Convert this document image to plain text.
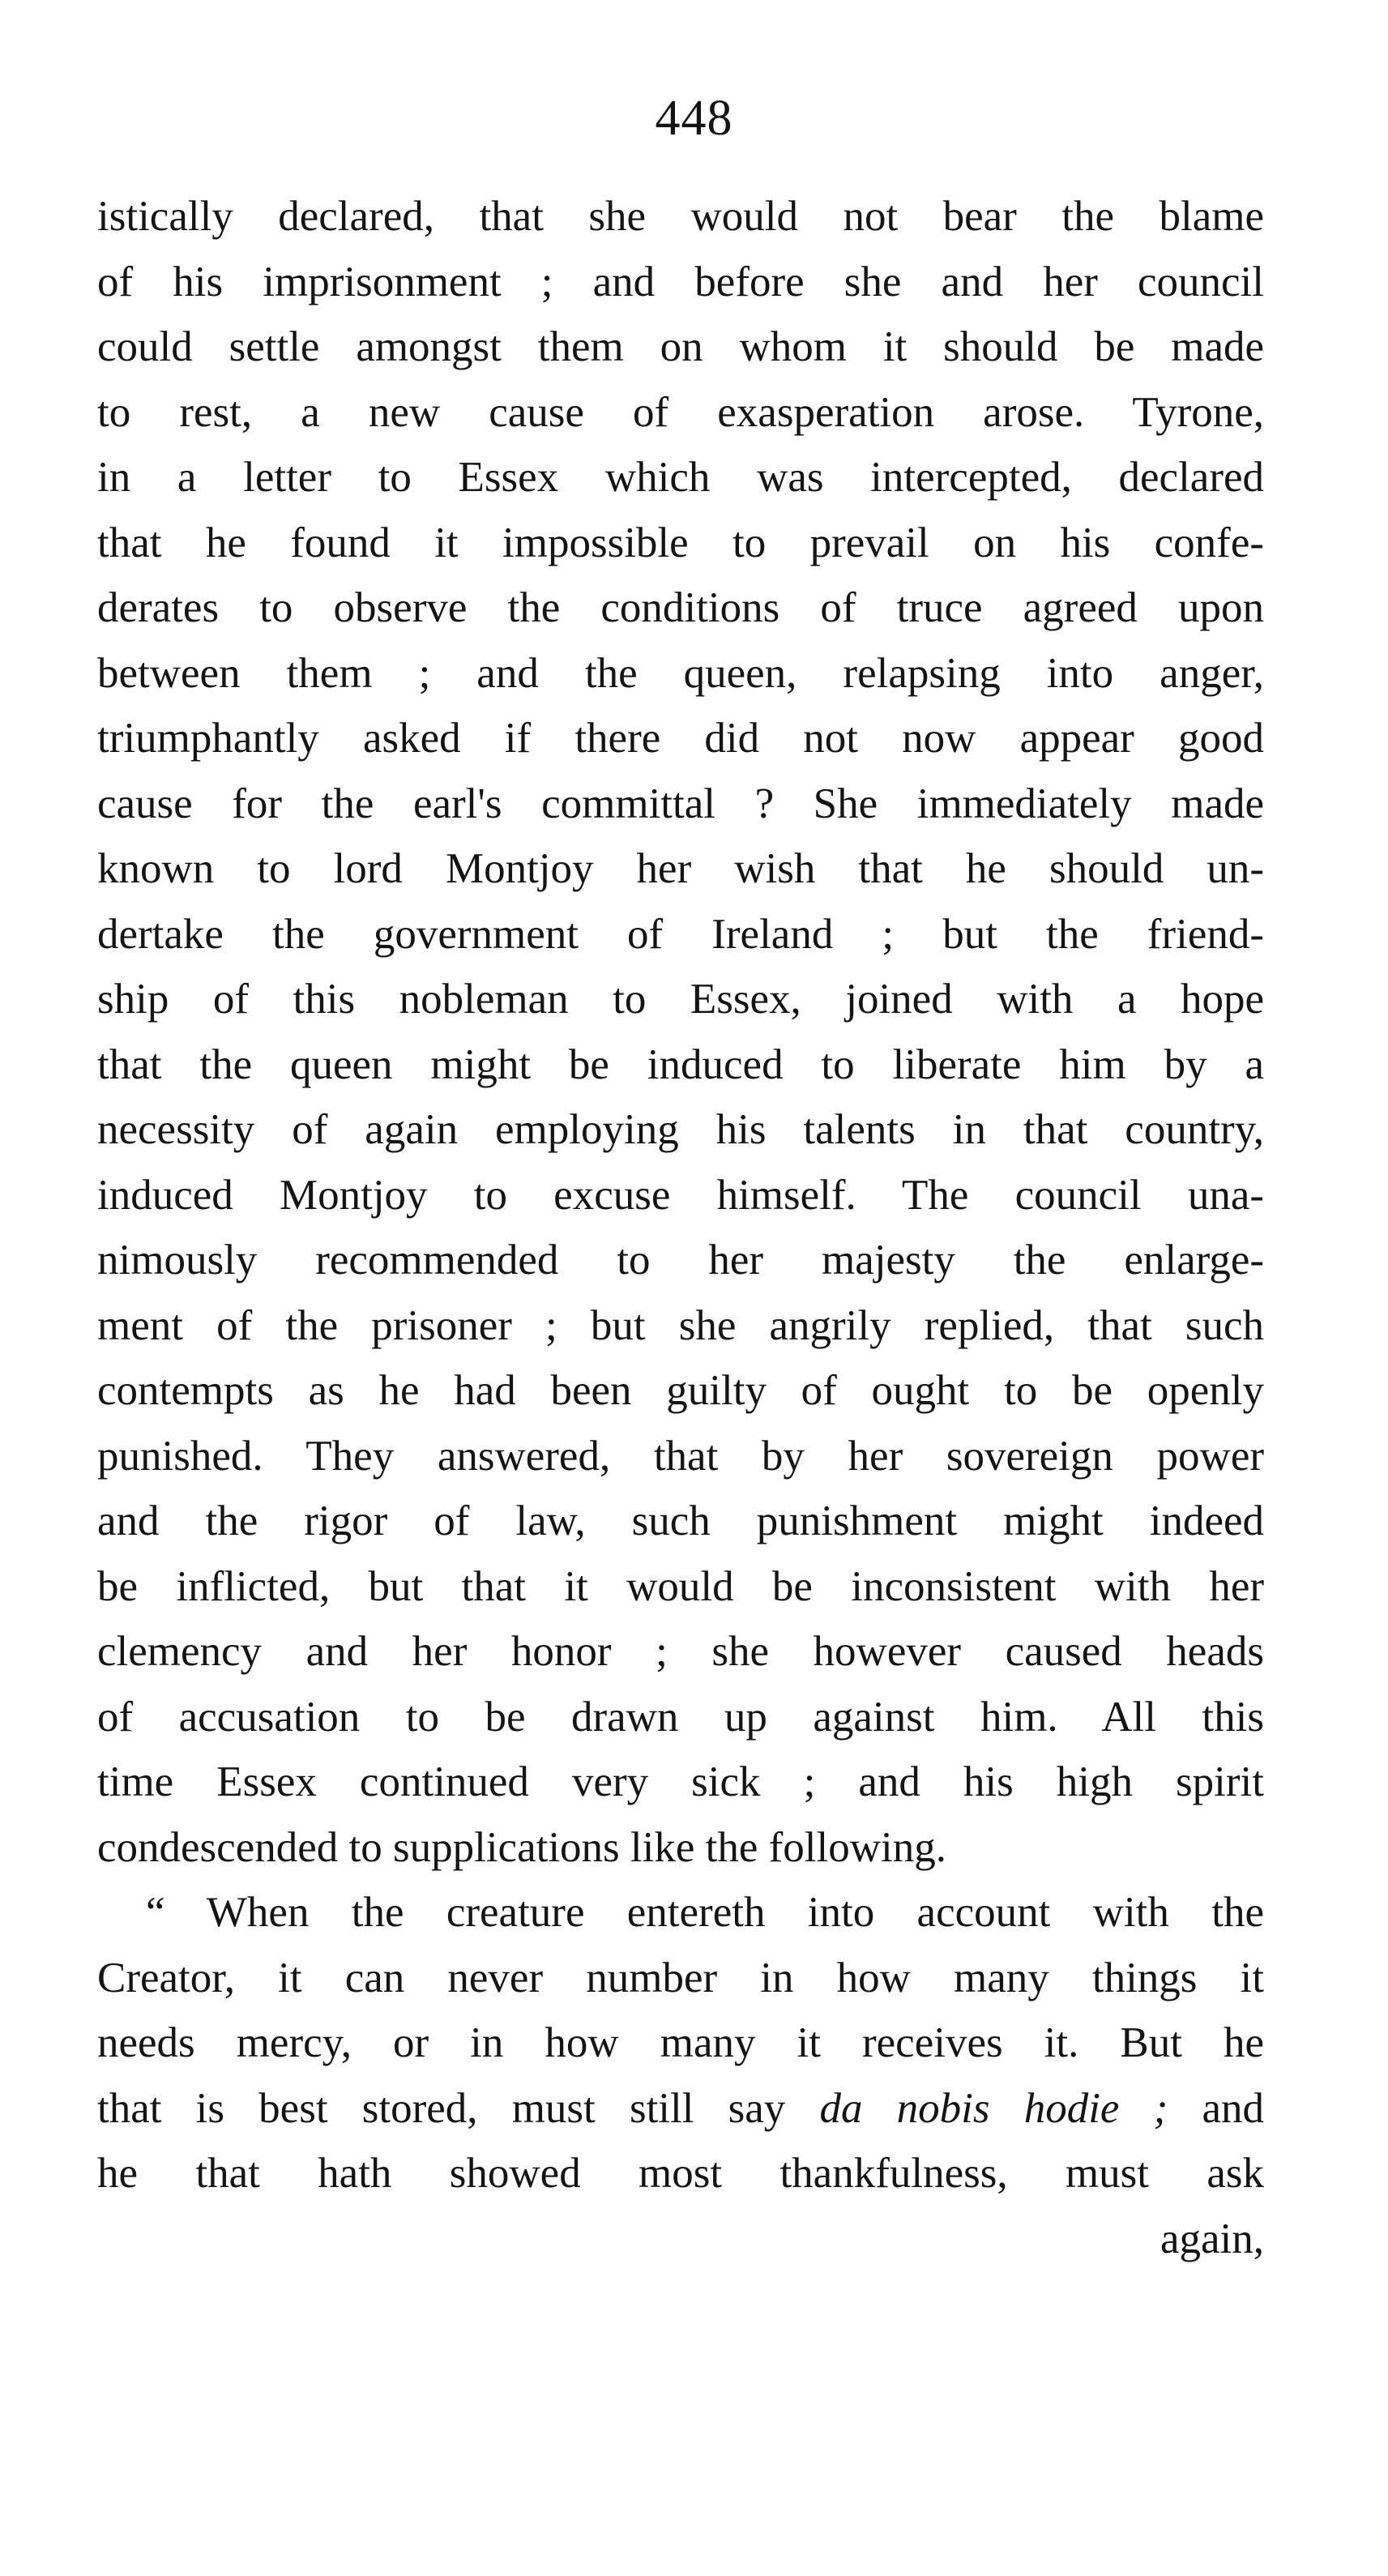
448
istically declared, that she would not bear the blame
of his imprisonment ; and before she and her council
could settle amongst them on whom it should be made
to rest, a new cause of exasperation arose. Tyrone,
in a letter to Essex which was intercepted, declared
that he found it impossible to prevail on his confe-
derates to observe the conditions of truce agreed upon
between them ; and the queen, relapsing into anger,
triumphantly asked if there did not now appear good
cause for the earl's committal ? She immediately made
known to lord Montjoy her wish that he should un-
dertake the government of Ireland ; but the friend-
ship of this nobleman to Essex, joined with a hope
that the queen might be induced to liberate him by a
necessity of again employing his talents in that country,
induced Montjoy to excuse himself. The council una-
nimously recommended to her majesty the enlarge-
ment of the prisoner ; but she angrily replied, that such
contempts as he had been guilty of ought to be openly
punished. They answered, that by her sovereign power
and the rigor of law, such punishment might indeed
be inflicted, but that it would be inconsistent with her
clemency and her honor ; she however caused heads
of accusation to be drawn up against him. All this
time Essex continued very sick ; and his high spirit
condescended to supplications like the following.
“ When the creature entereth into account with the
Creator, it can never number in how many things it
needs mercy, or in how many it receives it. But he
that is best stored, must still say da nobis hodie ; and
he that hath showed most thankfulness, must ask
again,
